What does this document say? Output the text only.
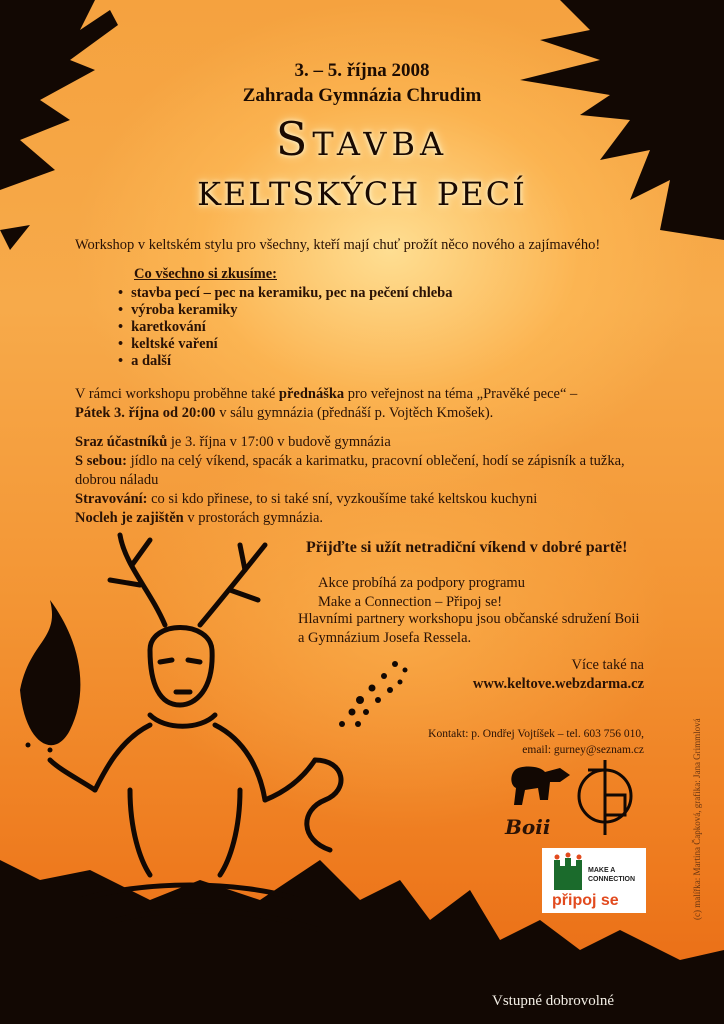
3. – 5. října 2008
Zahrada Gymnázia Chrudim
Stavba
keltských pecí
Workshop v keltském stylu pro všechny, kteří mají chuť prožít něco nového a zajímavého!
Co všechno si zkusíme:
• stavba pecí – pec na keramiku, pec na pečení chleba
• výroba keramiky
• karetkování
• keltské vaření
• a další
V rámci workshopu proběhne také přednáška pro veřejnost na téma „Pravěké pece“ –
Pátek 3. října od 20:00 v sálu gymnázia (přednáší p. Vojtěch Kmošek).
Sraz účastníků je 3. října v 17:00 v budově gymnázia
S sebou: jídlo na celý víkend, spacák a karimatku, pracovní oblečení, hodí se zápisník a tužka, dobrou náladu
Stravování: co si kdo přinese, to si také sní, vyzkoušíme také keltskou kuchyni
Nocleh je zajištěn v prostorách gymnázia.
Přijďte si užít netradiční víkend v dobré partě!
Akce probíhá za podpory programu
Make a Connection – Připoj se!
Hlavními partnery workshopu jsou občanské sdružení Boii
a Gymnázium Josefa Ressela.
Více také na
www.keltove.webzdarma.cz
Kontakt: p. Ondřej Vojtíšek – tel. 603 756 010,
email: gurney@seznam.cz
Boii
MAKE A
CONNECTION
připoj se	(c) malířka: Martina Čapková, grafika: Jana Grimmlová
Vstupné dobrovolné
